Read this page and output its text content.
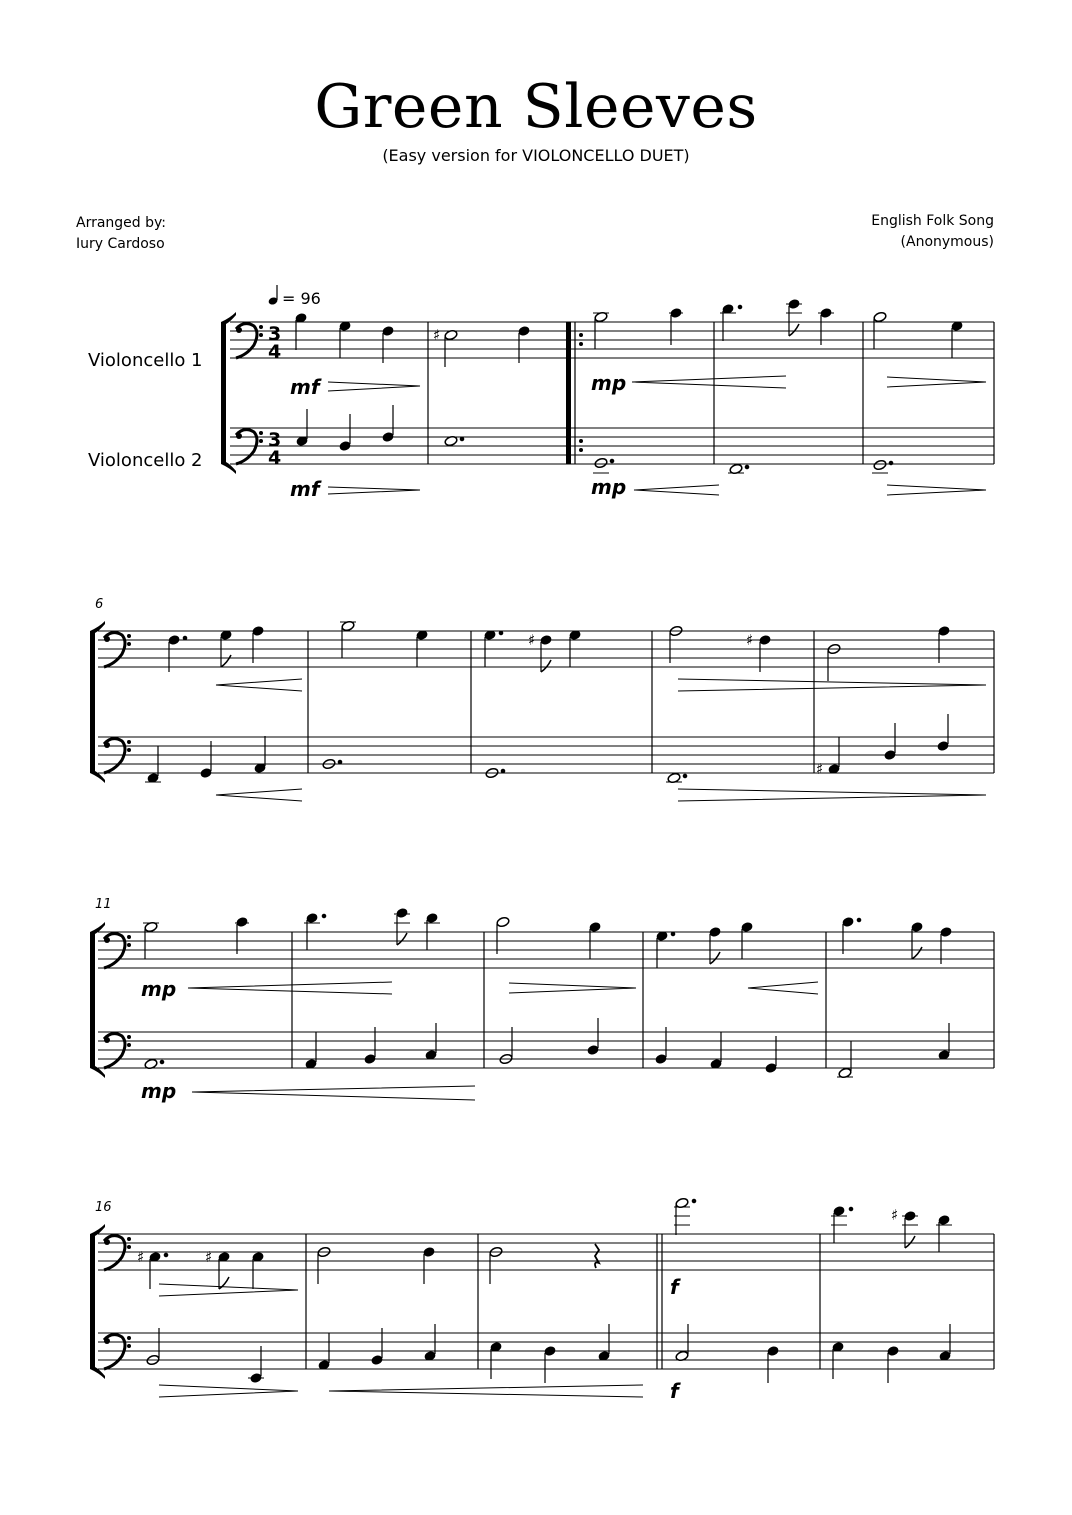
Green Sleeves
(Easy version for VIOLONCELLO DUET)
Arranged by:
Iury Cardoso
English Folk Song
(Anonymous)
= 96
Violoncello 1
Violoncello 2
3
4
3
4
♯
mf
mf
mp
mp
6
♯	♯
♯
11
mp
mp
16
♯	♯
♯
f
f
